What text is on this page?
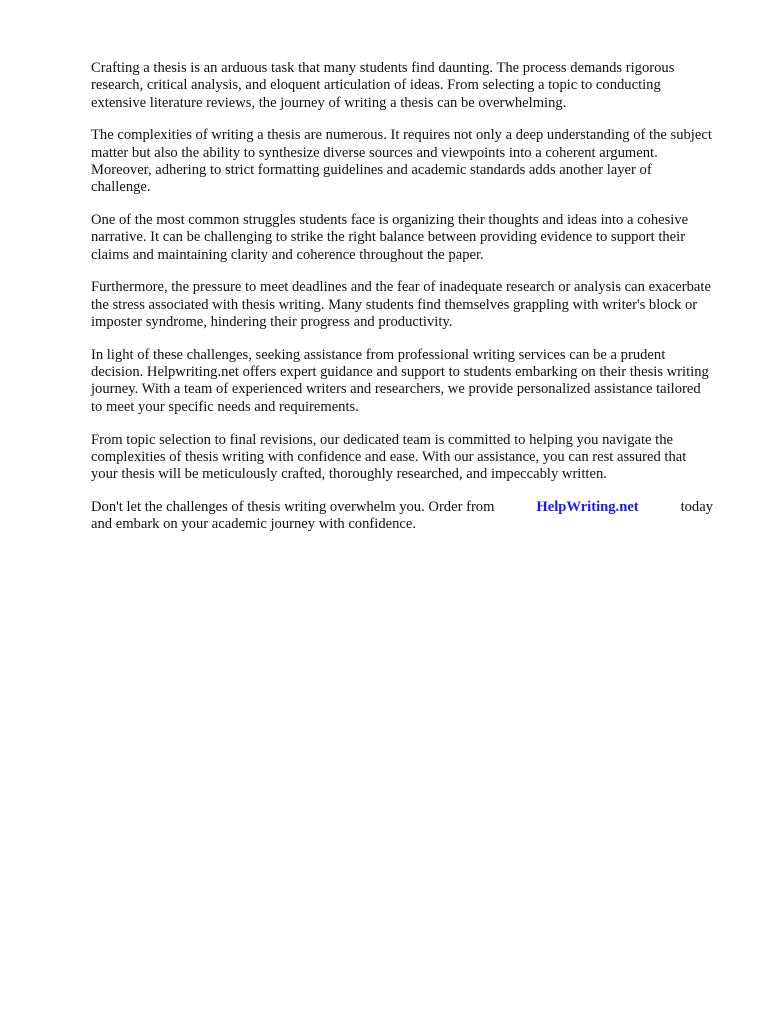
Crafting a thesis is an arduous task that many students find daunting. The process demands rigorous research, critical analysis, and eloquent articulation of ideas. From selecting a topic to conducting extensive literature reviews, the journey of writing a thesis can be overwhelming.

The complexities of writing a thesis are numerous. It requires not only a deep understanding of the subject matter but also the ability to synthesize diverse sources and viewpoints into a coherent argument. Moreover, adhering to strict formatting guidelines and academic standards adds another layer of challenge.

One of the most common struggles students face is organizing their thoughts and ideas into a cohesive narrative. It can be challenging to strike the right balance between providing evidence to support their claims and maintaining clarity and coherence throughout the paper.

Furthermore, the pressure to meet deadlines and the fear of inadequate research or analysis can exacerbate the stress associated with thesis writing. Many students find themselves grappling with writer's block or imposter syndrome, hindering their progress and productivity.

In light of these challenges, seeking assistance from professional writing services can be a prudent decision. Helpwriting.net offers expert guidance and support to students embarking on their thesis writing journey. With a team of experienced writers and researchers, we provide personalized assistance tailored to meet your specific needs and requirements.

From topic selection to final revisions, our dedicated team is committed to helping you navigate the complexities of thesis writing with confidence and ease. With our assistance, you can rest assured that your thesis will be meticulously crafted, thoroughly researched, and impeccably written.

Don't let the challenges of thesis writing overwhelm you. Order from	HelpWriting.net	today
and embark on your academic journey with confidence.
